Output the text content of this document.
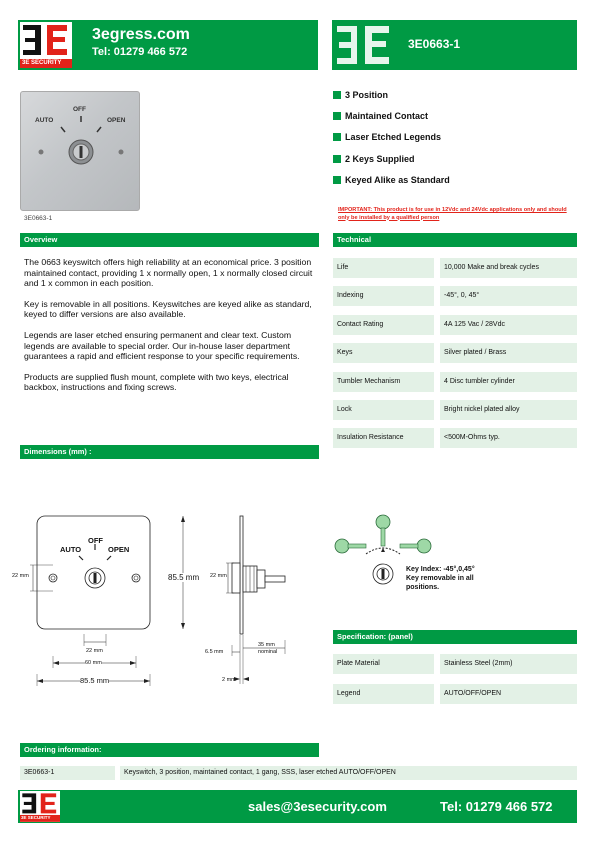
3E SECURITY
3egress.com
Tel: 01279 466 572
3E0663-1
OFF
AUTO	OPEN
3E0663-1
3 Position
Maintained Contact
Laser Etched Legends
2 Keys Supplied
Keyed Alike as Standard
IMPORTANT: This product is for use in 12Vdc and 24Vdc applications only and should only be installed by a qualified person
Overview

The 0663 keyswitch offers high reliability at an economical price. 3 position maintained contact, providing 1 x normally open, 1 x normally closed circuit and 1 x common in each position.

Key is removable in all positions. Keyswitches are keyed alike as standard, keyed to differ versions are also available.

Legends are laser etched ensuring permanent and clear text. Custom legends are available to special order. Our in-house laser department guarantees a rapid and efficient response to your specific requirements.

Products are supplied flush mount, complete with two keys, electrical backbox, instructions and fixing screws.

Technical
Life	10,000 Make and break cycles
Indexing	-45°, 0, 45°
Contact Rating	4A 125 Vac / 28Vdc
Keys	Silver plated / Brass
Tumbler Mechanism	4 Disc tumbler cylinder
Lock	Bright nickel plated alloy
Insulation Resistance	<500M-Ohms typ.
Dimensions (mm) :
OFF
AUTO	OPEN
22 mm	85.5 mm
22 mm
60 mm
85.5 mm
22 mm
6.5 mm
35 mm
nominal
2 mm
Key Index: -45°,0,45°
Key removable in all
positions.
Specification: (panel)
Plate Material	Stainless Steel (2mm)
Legend	AUTO/OFF/OPEN
Ordering information:
3E0663-1	Keyswitch, 3 position, maintained contact, 1 gang, SSS, laser etched AUTO/OFF/OPEN
3E SECURITY
sales@3esecurity.com	Tel: 01279 466 572
